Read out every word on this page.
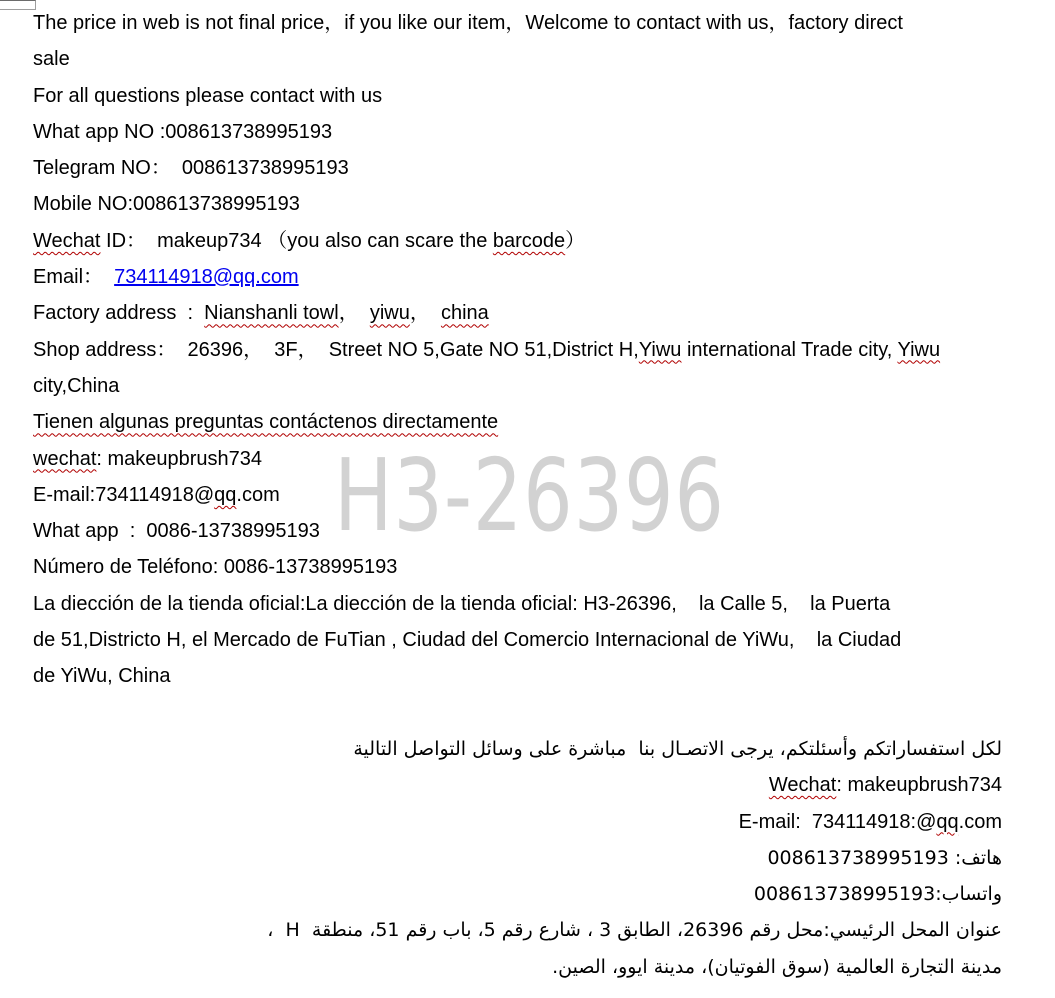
H3-26396
The price in web is not final price，if you like our item，Welcome to contact with us，factory direct
sale
For all questions please contact with us
What app NO :008613738995193
Telegram NO：  008613738995193
Mobile NO:008613738995193
Wechat ID：  makeup734 （you also can scare the barcode）
Email：  734114918@qq.com
Factory address  :  Nianshanli towl，  yiwu，  china
Shop address：  26396，  3F，  Street NO 5,Gate NO 51,District H,Yiwu international Trade city, Yiwu
city,China
Tienen algunas preguntas contáctenos directamente
wechat: makeupbrush734
E-mail:734114918@qq.com
What app  :  0086-13738995193
Número de Teléfono: 0086-13738995193
La diección de la tienda oficial:La diección de la tienda oficial: H3-26396,    la Calle 5,    la Puerta
de 51,Districto H, el Mercado de FuTian , Ciudad del Comercio Internacional de YiWu,    la Ciudad
de YiWu, China
لكل استفساراتكم وأسئلتكم، يرجى الاتصـال بنا  مباشرة على وسائل التواصل التالية
Wechat: makeupbrush734
E-mail:  734114918:@qq.com
هاتف: 008613738995193
واتساب:008613738995193
عنوان المحل الرئيسي:محل رقم 26396، الطابق 3 ، شارع رقم 5، باب رقم 51، منطقة  H  ،
مدينة التجارة العالمية (سوق الفوتيان)، مدينة ايوو، الصين.
